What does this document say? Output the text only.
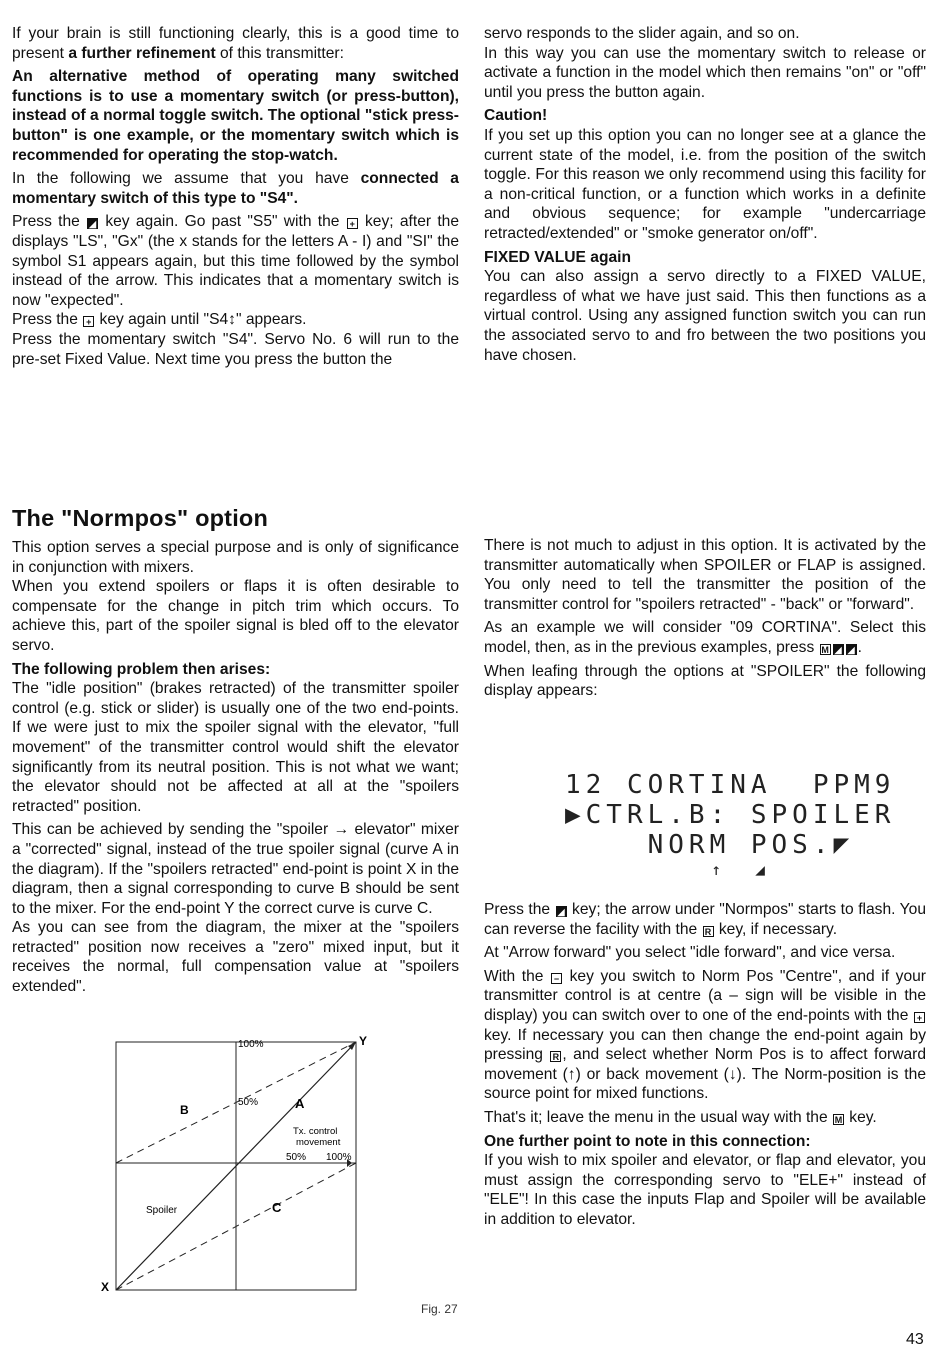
If your brain is still functioning clearly, this is a good time to present a further refinement of this transmitter:

An alternative method of operating many switched functions is to use a momentary switch (or press-button), instead of a normal toggle switch. The optional "stick press-button" is one example, or the momentary switch which is recommended for operating the stop-watch.

In the following we assume that you have connected a momentary switch of this type to "S4".

Press the ◢ key again. Go past "S5" with the + key; after the displays "LS", "Gx" (the x stands for the letters A - I) and "SI" the symbol S1 appears again, but this time followed by the symbol instead of the arrow. This indicates that a momentary switch is now "expected".

Press the + key again until "S4↕" appears.

Press the momentary switch "S4". Servo No. 6 will run to the pre-set Fixed Value. Next time you press the button the

servo responds to the slider again, and so on.

In this way you can use the momentary switch to release or activate a function in the model which then remains "on" or "off" until you press the button again.

Caution!

If you set up this option you can no longer see at a glance the current state of the model, i.e. from the position of the switch toggle. For this reason we only recommend using this facility for a non-critical function, or a function which works in a definite and obvious sequence; for example "undercarriage retracted/extended" or "smoke generator on/off".

FIXED VALUE again

You can also assign a servo directly to a FIXED VALUE, regardless of what we have just said. This then functions as a virtual control. Using any assigned function switch you can run the associated servo to and fro between the two positions you have chosen.

The "Normpos" option

This option serves a special purpose and is only of significance in conjunction with mixers.

When you extend spoilers or flaps it is often desirable to compensate for the change in pitch trim which occurs. To achieve this, part of the spoiler signal is bled off to the elevator servo.

The following problem then arises:

The "idle position" (brakes retracted) of the transmitter spoiler control (e.g. stick or slider) is usually one of the two end-points. If we were just to mix the spoiler signal with the elevator, "full movement" of the transmitter control would shift the elevator significantly from its neutral position. This is not what we want; the elevator should not be affected at all at the "spoilers retracted" position.

This can be achieved by sending the "spoiler → elevator" mixer a "corrected" signal, instead of the true spoiler signal (curve A in the diagram). If the "spoilers retracted" end-point is point X in the diagram, then a signal corresponding to curve B should be sent to the mixer. For the end-point Y the correct curve is curve C.

As you can see from the diagram, the mixer at the "spoilers retracted" position now receives a "zero" mixed input, but it receives the normal, full compensation value at "spoilers extended".

100%	Y
50%	A
B
Tx. control
movement
50% 100%
Spoiler	C
X
Fig. 27

There is not much to adjust in this option. It is activated by the transmitter automatically when SPOILER or FLAP is assigned. You only need to tell the transmitter the position of the transmitter control for "spoilers retracted" - "back" or "forward".

As an example we will consider "09 CORTINA". Select this model, then, as in the previous examples, press M ◢ ◢ .

When leafing through the options at "SPOILER" the following display appears:

12 CORTINA  PPM9
▶CTRL.B: SPOILER
NORM POS.◤
↑  ◢

Press the ◢ key; the arrow under "Normpos" starts to flash. You can reverse the facility with the R key, if necessary.

At "Arrow forward" you select "idle forward", and vice versa.

With the − key you switch to Norm Pos "Centre", and if your transmitter control is at centre (a – sign will be visible in the display) you can switch over to one of the end-points with the + key. If necessary you can then change the end-point again by pressing R , and select whether Norm Pos is to affect forward movement (↑) or back movement (↓). The Norm-position is the source point for mixed functions.

That's it; leave the menu in the usual way with the M key.

One further point to note in this connection:

If you wish to mix spoiler and elevator, or flap and elevator, you must assign the corresponding servo to "ELE+" instead of "ELE"! In this case the inputs Flap and Spoiler will be available in addition to elevator.

43
